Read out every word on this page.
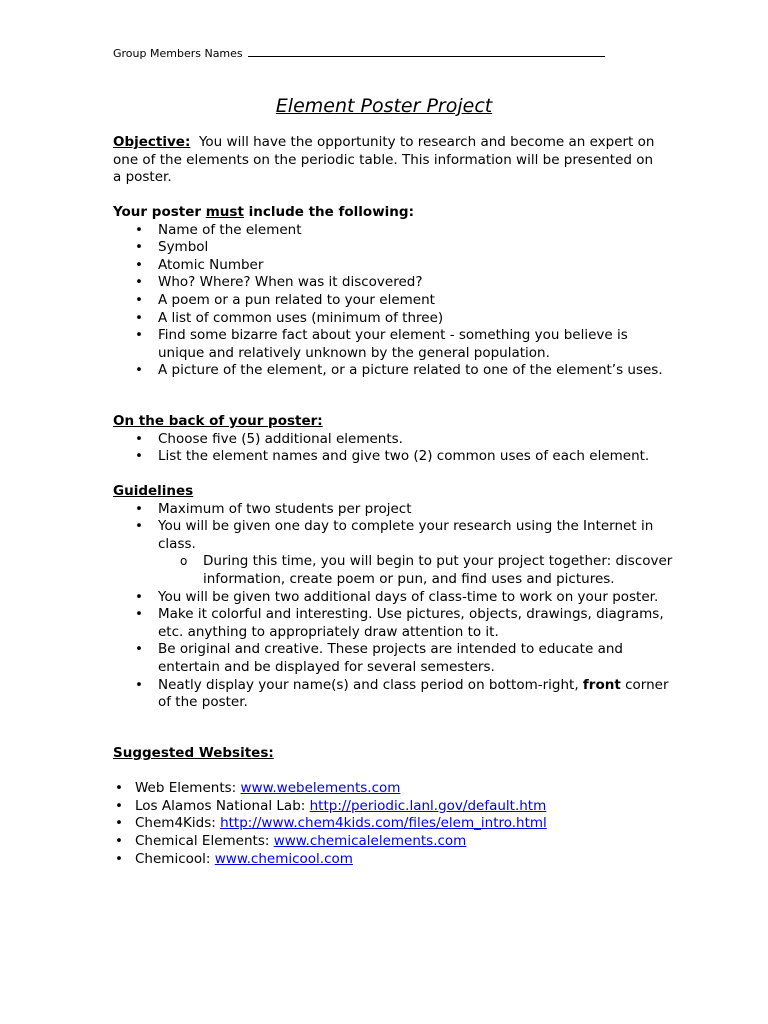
Group Members Names
Element Poster Project
Objective: You will have the opportunity to research and become an expert on one of the elements on the periodic table. This information will be presented on a poster.
Your poster must include the following:
• Name of the element
• Symbol
• Atomic Number
• Who? Where? When was it discovered?
• A poem or a pun related to your element
• A list of common uses (minimum of three)
• Find some bizarre fact about your element - something you believe is unique and relatively unknown by the general population.
• A picture of the element, or a picture related to one of the element’s uses.
On the back of your poster:
• Choose five (5) additional elements.
• List the element names and give two (2) common uses of each element.
Guidelines
• Maximum of two students per project
• You will be given one day to complete your research using the Internet in class.
o During this time, you will begin to put your project together: discover information, create poem or pun, and find uses and pictures.
• You will be given two additional days of class-time to work on your poster.
• Make it colorful and interesting. Use pictures, objects, drawings, diagrams, etc. anything to appropriately draw attention to it.
• Be original and creative. These projects are intended to educate and entertain and be displayed for several semesters.
• Neatly display your name(s) and class period on bottom-right, front corner of the poster.
Suggested Websites:
• Web Elements: www.webelements.com
• Los Alamos National Lab: http://periodic.lanl.gov/default.htm
• Chem4Kids: http://www.chem4kids.com/files/elem_intro.html
• Chemical Elements: www.chemicalelements.com
• Chemicool: www.chemicool.com
